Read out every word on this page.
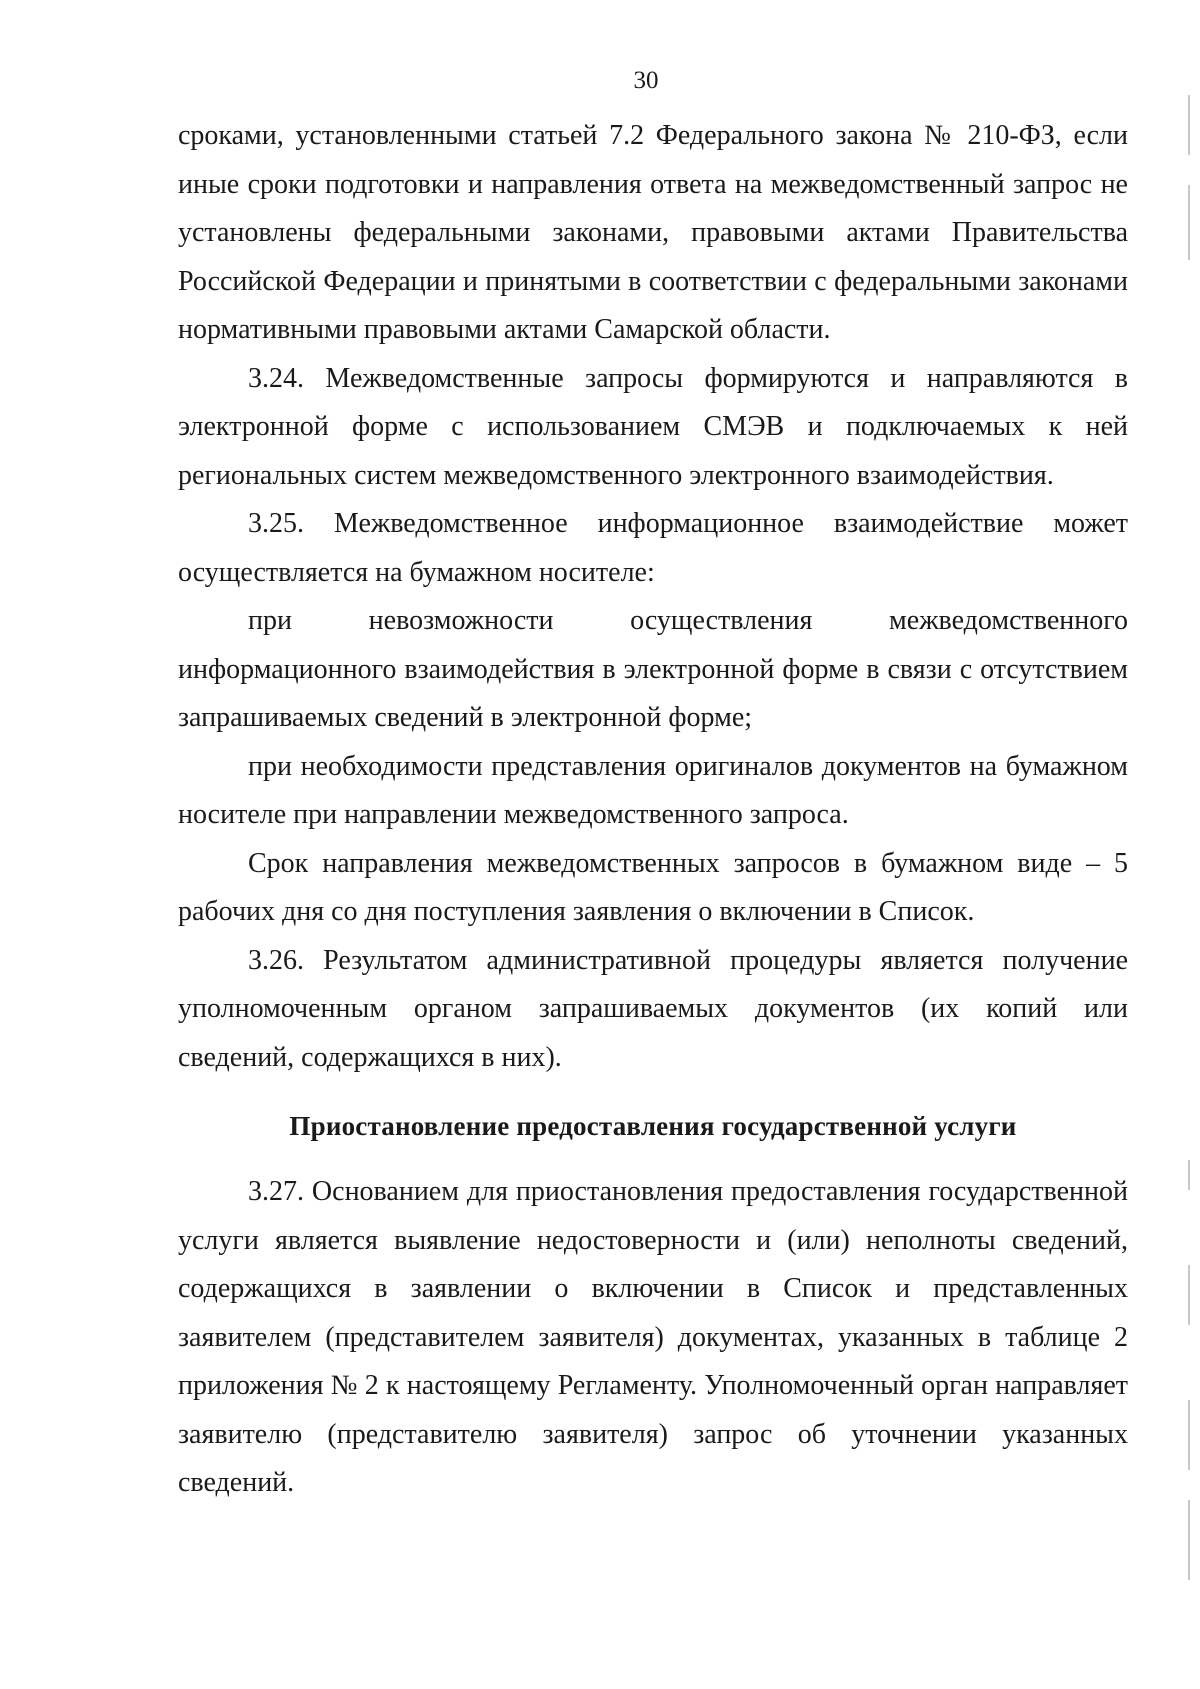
30

сроками, установленными статьей 7.2 Федерального закона № 210-ФЗ, если иные сроки подготовки и направления ответа на межведомственный запрос не установлены федеральными законами, правовыми актами Правительства Российской Федерации и принятыми в соответствии с федеральными законами нормативными правовыми актами Самарской области.

3.24. Межведомственные запросы формируются и направляются в электронной форме с использованием СМЭВ и подключаемых к ней региональных систем межведомственного электронного взаимодействия.

3.25. Межведомственное информационное взаимодействие может осуществляется на бумажном носителе:

при невозможности осуществления межведомственного информационного взаимодействия в электронной форме в связи с отсутствием запрашиваемых сведений в электронной форме;

при необходимости представления оригиналов документов на бумажном носителе при направлении межведомственного запроса.

Срок направления межведомственных запросов в бумажном виде – 5 рабочих дня со дня поступления заявления о включении в Список.

3.26. Результатом административной процедуры является получение уполномоченным органом запрашиваемых документов (их копий или сведений, содержащихся в них).

Приостановление предоставления государственной услуги

3.27. Основанием для приостановления предоставления государственной услуги является выявление недостоверности и (или) неполноты сведений, содержащихся в заявлении о включении в Список и представленных заявителем (представителем заявителя) документах, указанных в таблице 2 приложения № 2 к настоящему Регламенту. Уполномоченный орган направляет заявителю (представителю заявителя) запрос об уточнении указанных сведений.
